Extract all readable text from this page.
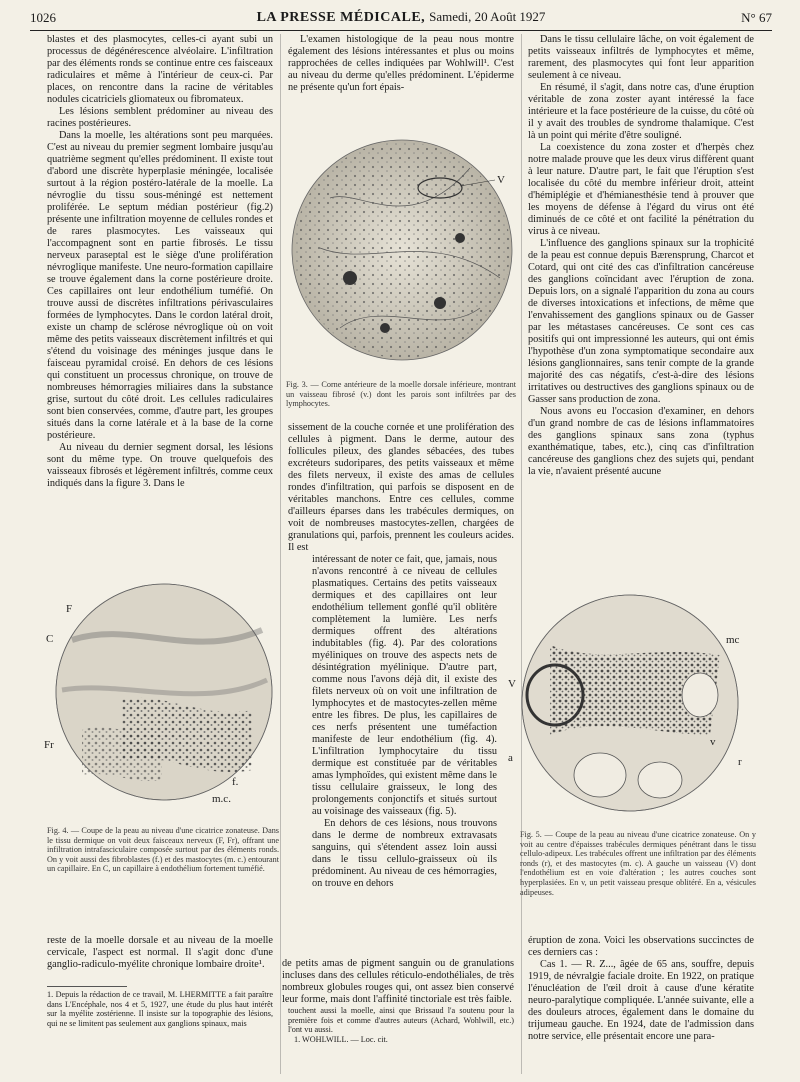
1026	LA PRESSE MÉDICALE, Samedi, 20 Août 1927	N° 67

blastes et des plasmocytes, celles-ci ayant subi un processus de dégénérescence alvéolaire. L'infiltration par des éléments ronds se continue entre ces faisceaux radiculaires et même à l'intérieur de ceux-ci. Par places, on rencontre dans la racine de véritables nodules cicatriciels gliomateux ou fibromateux.

Les lésions semblent prédominer au niveau des racines postérieures.

Dans la moelle, les altérations sont peu marquées. C'est au niveau du premier segment lombaire jusqu'au quatrième segment qu'elles prédominent. Il existe tout d'abord une discrète hyperplasie méningée, localisée surtout à la région postéro-latérale de la moelle. La névroglie du tissu sous-méningé est nettement proliférée. Le septum médian postérieur (fig.2) présente une infiltration moyenne de cellules rondes et de rares plasmocytes. Les vaisseaux qui l'accompagnent sont en partie fibrosés. Le tissu nerveux paraseptal est le siège d'une prolifération névroglique manifeste. Une neuro-formation capillaire se trouve également dans la corne postérieure droite. Ces capillaires ont leur endothélium tuméfié. On trouve aussi de discrètes infiltrations périvasculaires formées de lymphocytes. Dans le cordon latéral droit, existe un champ de sclérose névroglique où on voit même des petits vaisseaux discrètement infiltrés et qui s'étend du voisinage des méninges jusque dans le faisceau pyramidal croisé. En dehors de ces lésions qui constituent un processus chronique, on trouve de nombreuses hémorragies miliaires dans la substance grise, surtout du côté droit. Les cellules radiculaires sont bien conservées, comme, d'autre part, les groupes situés dans la corne latérale et à la base de la corne postérieure.

Au niveau du dernier segment dorsal, les lésions sont du même type. On trouve quelquefois des vaisseaux fibrosés et légèrement infiltrés, comme ceux indiqués dans la figure 3. Dans le

L'examen histologique de la peau nous montre également des lésions intéressantes et plus ou moins rapprochées de celles indiquées par Wohlwill¹. C'est au niveau du derme qu'elles prédominent. L'épiderme ne présente qu'un fort épais-

Dans le tissu cellulaire lâche, on voit également de petits vaisseaux infiltrés de lymphocytes et même, rarement, des plasmocytes qui font leur apparition seulement à ce niveau.

En résumé, il s'agit, dans notre cas, d'une éruption véritable de zona zoster ayant intéressé la face intérieure et la face postérieure de la cuisse, du côté où il y avait des troubles de syndrome thalamique. C'est là un point qui mérite d'être souligné.

La coexistence du zona zoster et d'herpès chez notre malade prouve que les deux virus diffèrent quant à leur nature. D'autre part, le fait que l'éruption s'est localisée du côté du membre inférieur droit, atteint d'hémiplégie et d'hémianesthésie tend à prouver que les moyens de défense à l'égard du virus ont été diminués de ce côté et ont facilité la pénétration du virus à ce niveau.

L'influence des ganglions spinaux sur la trophicité de la peau est connue depuis Bærensprung, Charcot et Cotard, qui ont cité des cas d'infiltration cancéreuse des ganglions coïncidant avec l'éruption de zona. Depuis lors, on a signalé l'apparition du zona au cours de diverses intoxications et infections, de même que l'envahissement des ganglions spinaux ou de Gasser par les métastases cancéreuses. Ce sont ces cas positifs qui ont impressionné les auteurs, qui ont émis l'hypothèse d'un zona symptomatique secondaire aux lésions ganglionnaires, sans tenir compte de la grande majorité des cas négatifs, c'est-à-dire des lésions irritatives ou destructives des ganglions spinaux ou de Gasser sans production de zona.

Nous avons eu l'occasion d'examiner, en dehors d'un grand nombre de cas de lésions inflammatoires des ganglions spinaux sans zona (typhus exanthématique, tabes, etc.), cinq cas d'infiltration cancéreuse des ganglions chez des sujets qui, pendant la vie, n'avaient présenté aucune

V
Fig. 3. — Corne antérieure de la moelle dorsale inférieure, montrant un vaisseau fibrosé (v.) dont les parois sont infiltrées par des lymphocytes.

sissement de la couche cornée et une prolifération des cellules à pigment. Dans le derme, autour des follicules pileux, des glandes sébacées, des tubes excréteurs sudoripares, des petits vaisseaux et même des filets nerveux, il existe des amas de cellules rondes d'infiltration, qui parfois se disposent en de véritables manchons. Entre ces cellules, comme d'ailleurs éparses dans les trabécules dermiques, on voit de nombreuses mastocytes-zellen, chargées de granulations qui, parfois, prennent les couleurs acides. Il est

intéressant de noter ce fait, que, jamais, nous n'avons rencontré à ce niveau de cellules plasmatiques. Certains des petits vaisseaux dermiques et des capillaires ont leur endothélium tellement gonflé qu'il oblitère complètement la lumière. Les nerfs dermiques offrent des altérations indubitables (fig. 4). Par des colorations myéliniques on trouve des aspects nets de désintégration myélinique. D'autre part, comme nous l'avons déjà dit, il existe des filets nerveux où on voit une infiltration de lymphocytes et de mastocytes-zellen même entre les fibres. De plus, les capillaires de ces nerfs présentent une tuméfaction manifeste de leur endothélium (fig. 4). L'infiltration lymphocytaire du tissu dermique est constituée par de véritables amas lymphoïdes, qui existent même dans le tissu cellulaire graisseux, le long des prolongements conjonctifs et situés surtout au voisinage des vaisseaux (fig. 5).

En dehors de ces lésions, nous trouvons dans le derme de nombreux extravasats sanguins, qui s'étendent assez loin aussi dans le tissu cellulo-graisseux où ils prédominent. Au niveau de ces hémorragies, on trouve en dehors

de petits amas de pigment sanguin ou de granulations incluses dans des cellules réticulo-endothéliales, de très nombreux globules rouges qui, ont assez bien conservé leur forme, mais dont l'affinité tinctoriale est très faible.

F
C
Fr
m.c.
f.
Fig. 4. — Coupe de la peau au niveau d'une cicatrice zonateuse. Dans le tissu dermique on voit deux faisceaux nerveux (F, Fr), offrant une infiltration intrafasciculaire composée surtout par des éléments ronds. On y voit aussi des fibroblastes (f.) et des mastocytes (m. c.) entourant un capillaire. En C, un capillaire à endothélium fortement tuméfié.
mc
V
a	r
v
Fig. 5. — Coupe de la peau au niveau d'une cicatrice zonateuse. On y voit au centre d'épaisses trabécules dermiques pénétrant dans le tissu cellulo-adipeux. Les trabécules offrent une infiltration par des éléments ronds (r), et des mastocytes (m. c). A gauche un vaisseau (V) dont l'endothélium est en voie d'altération ; les autres couches sont hyperplasiées. En v, un petit vaisseau presque oblitéré. En a, vésicules adipeuses.

reste de la moelle dorsale et au niveau de la moelle cervicale, l'aspect est normal. Il s'agit donc d'une ganglio-radiculo-myélite chronique lombaire droite¹.

éruption de zona. Voici les observations succinctes de ces derniers cas :

Cas 1. — R. Z..., âgée de 65 ans, souffre, depuis 1919, de névralgie faciale droite. En 1922, on pratique l'énucléation de l'œil droit à cause d'une kératite neuro-paralytique compliquée. L'année suivante, elle a des douleurs atroces, également dans le domaine du trijumeau gauche. En 1924, date de l'admission dans notre service, elle présentait encore une para-

1. Depuis la rédaction de ce travail, M. LHERMITTE a fait paraître dans L'Encéphale, nos 4 et 5, 1927, une étude du plus haut intérêt sur la myélite zostérienne. Il insiste sur la topographie des lésions, qui ne se limitent pas seulement aux ganglions spinaux, mais
touchent aussi la moelle, ainsi que Brissaud l'a soutenu pour la première fois et comme d'autres auteurs (Achard, Wohlwill, etc.) l'ont vu aussi.
1. WOHLWILL. — Loc. cit.
